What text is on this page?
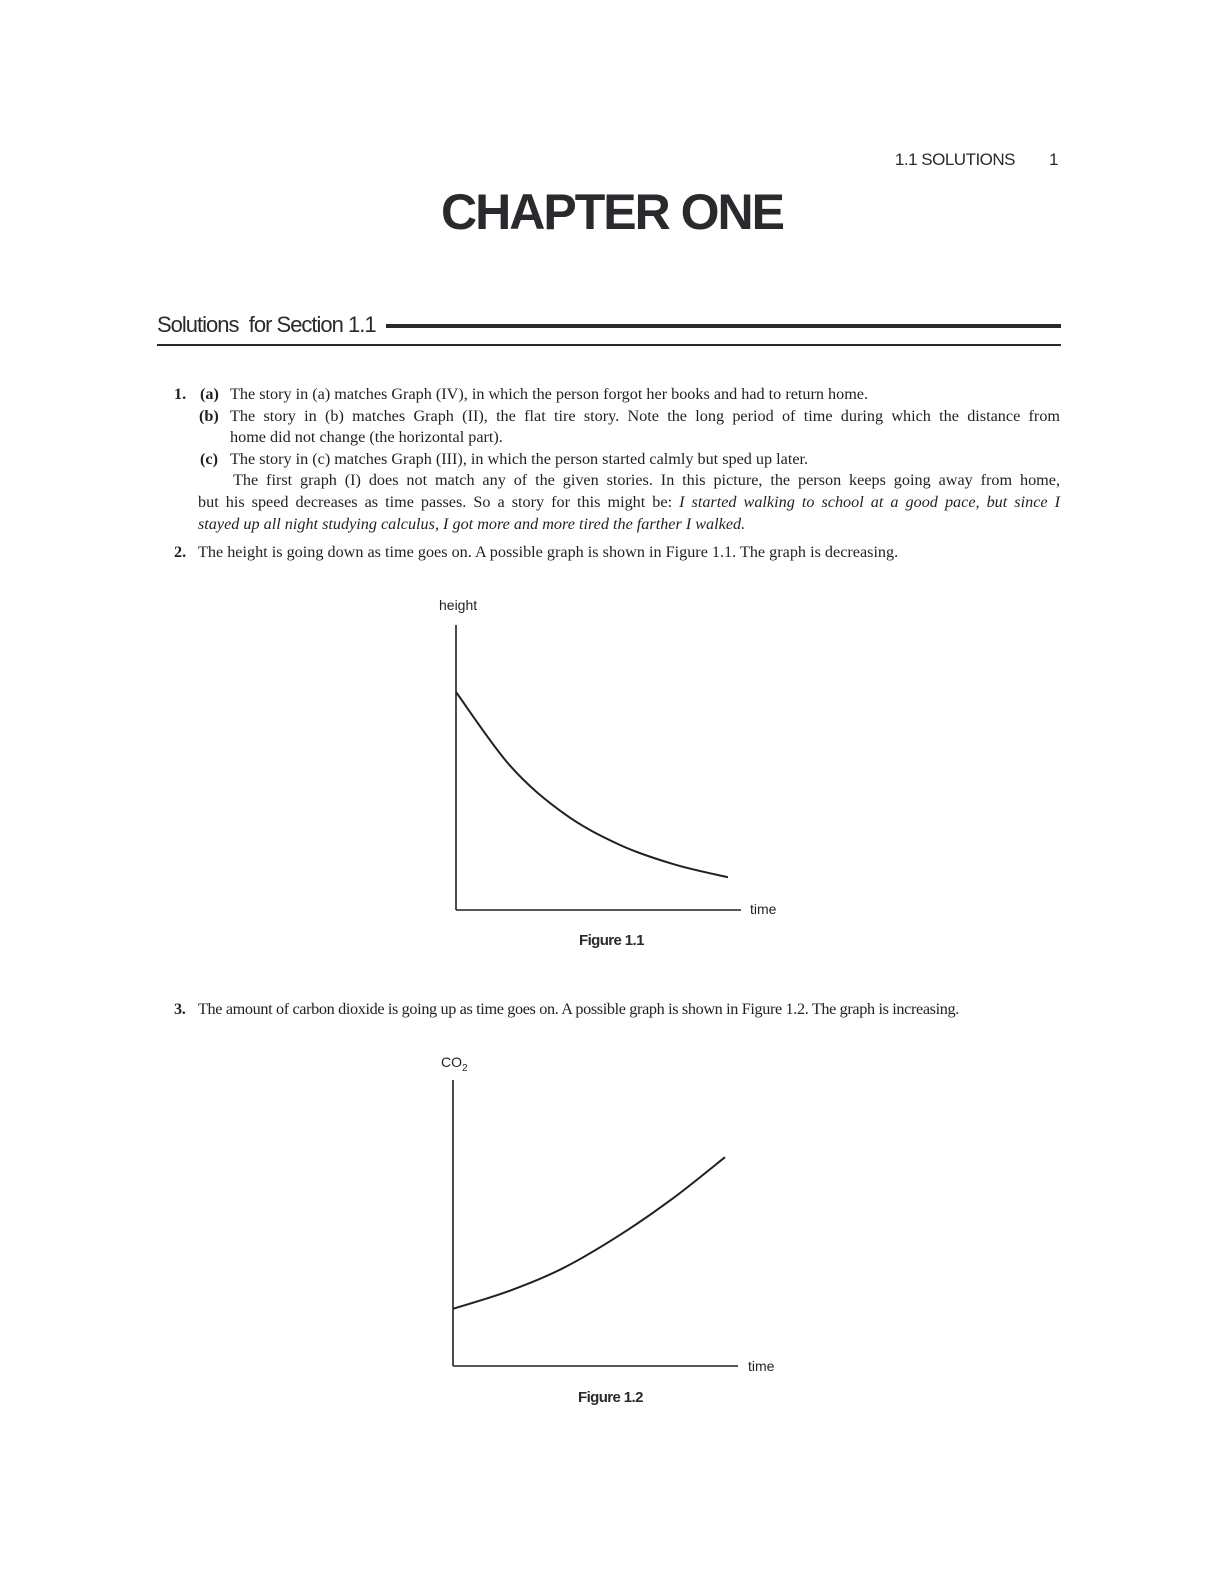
1.1 SOLUTIONS 1
CHAPTER ONE
Solutions  for Section 1.1
1. (a) The story in (a) matches Graph (IV), in which the person forgot her books and had to return home.
(b) The story in (b) matches Graph (II), the flat tire story. Note the long period of time during which the distance from
home did not change (the horizontal part).
(c) The story in (c) matches Graph (III), in which the person started calmly but sped up later.
The first graph (I) does not match any of the given stories. In this picture, the person keeps going away from home,
but his speed decreases as time passes. So a story for this might be: I started walking to school at a good pace, but since I
stayed up all night studying calculus, I got more and more tired the farther I walked.
2. The height is going down as time goes on. A possible graph is shown in Figure 1.1. The graph is decreasing.
height
time
Figure 1.1
3. The amount of carbon dioxide is going up as time goes on. A possible graph is shown in Figure 1.2. The graph is increasing.
$CO_2$
time
Figure 1.2
